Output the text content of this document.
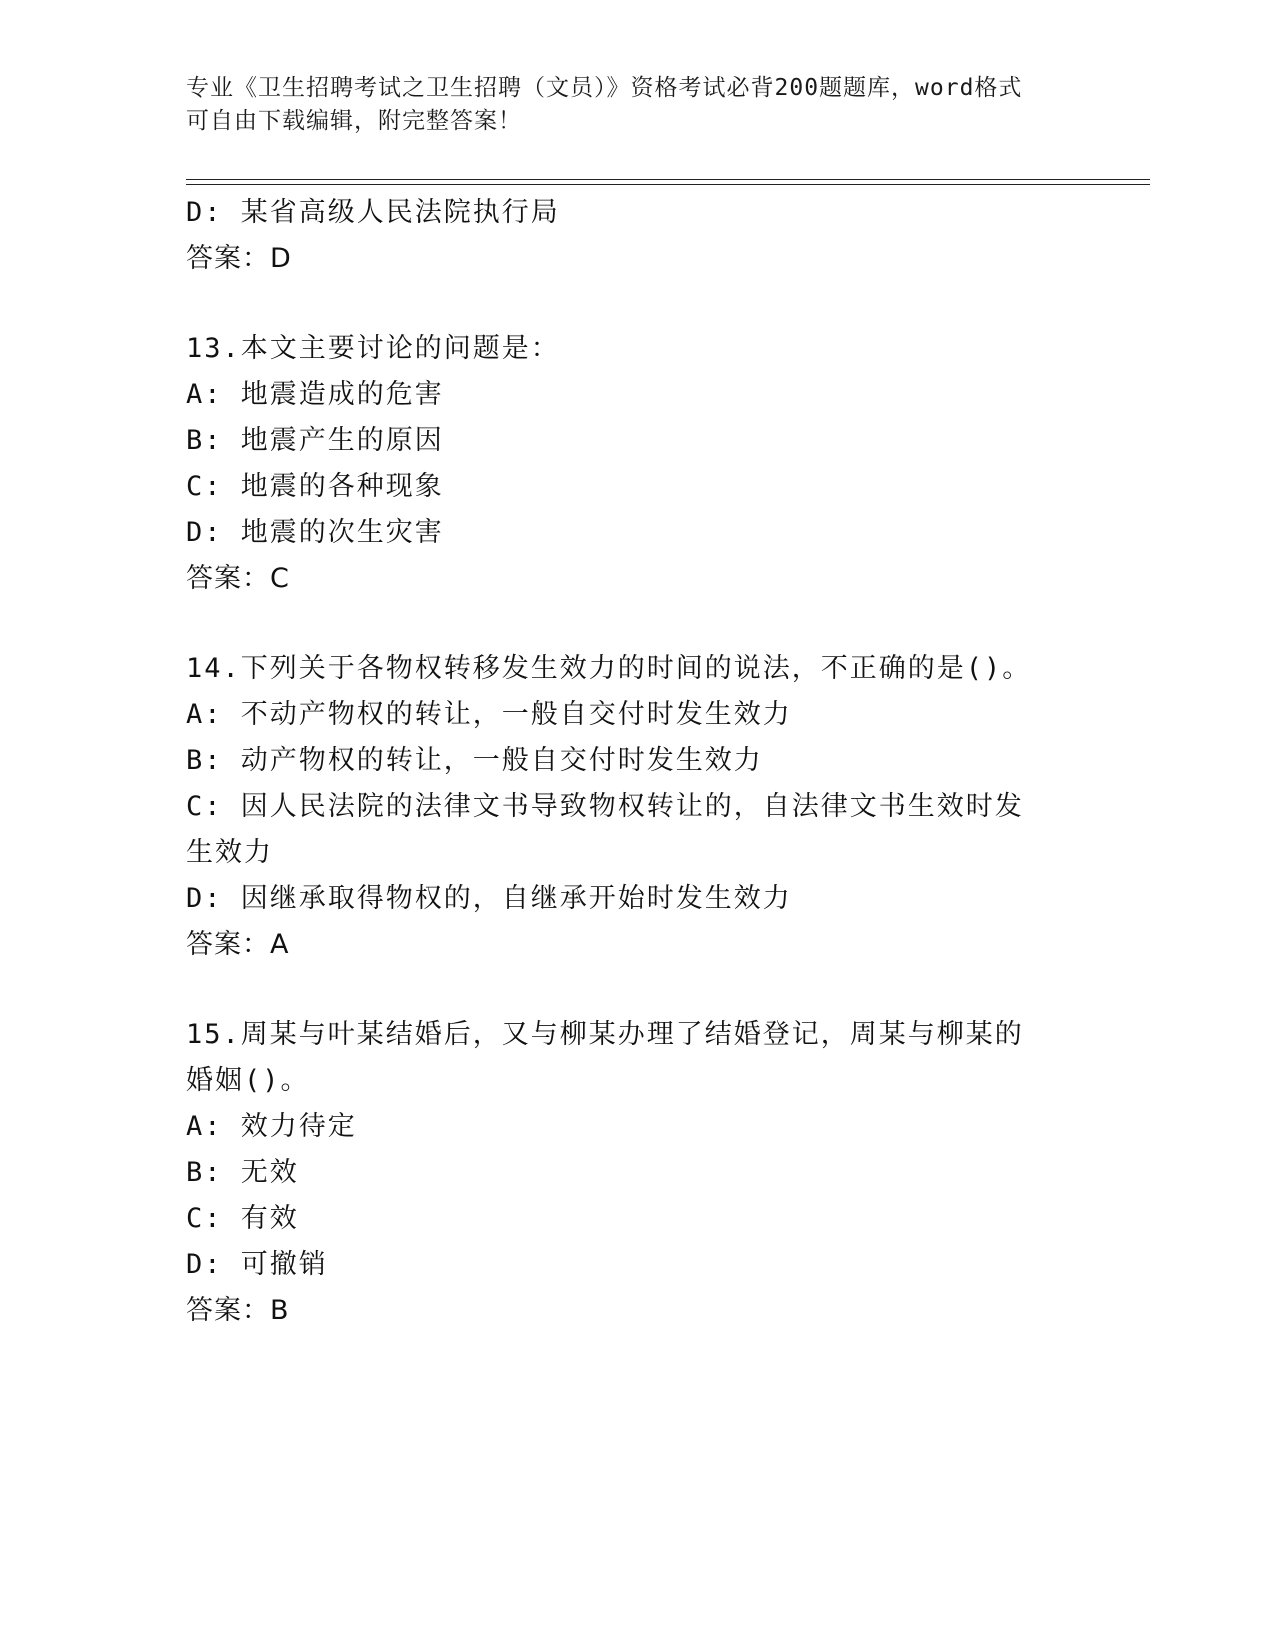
专业《卫生招聘考试之卫生招聘（文员）》资格考试必背200题题库，word格式
可自由下载编辑，附完整答案！
D: 某省高级人民法院执行局
答案：D
13.本文主要讨论的问题是：
A: 地震造成的危害
B: 地震产生的原因
C: 地震的各种现象
D: 地震的次生灾害
答案：C
14.下列关于各物权转移发生效力的时间的说法，不正确的是()。
A: 不动产物权的转让，一般自交付时发生效力
B: 动产物权的转让，一般自交付时发生效力
C: 因人民法院的法律文书导致物权转让的，自法律文书生效时发生效力
D: 因继承取得物权的，自继承开始时发生效力
答案：A
15.周某与叶某结婚后，又与柳某办理了结婚登记，周某与柳某的婚姻()。
A: 效力待定
B: 无效
C: 有效
D: 可撤销
答案：B
